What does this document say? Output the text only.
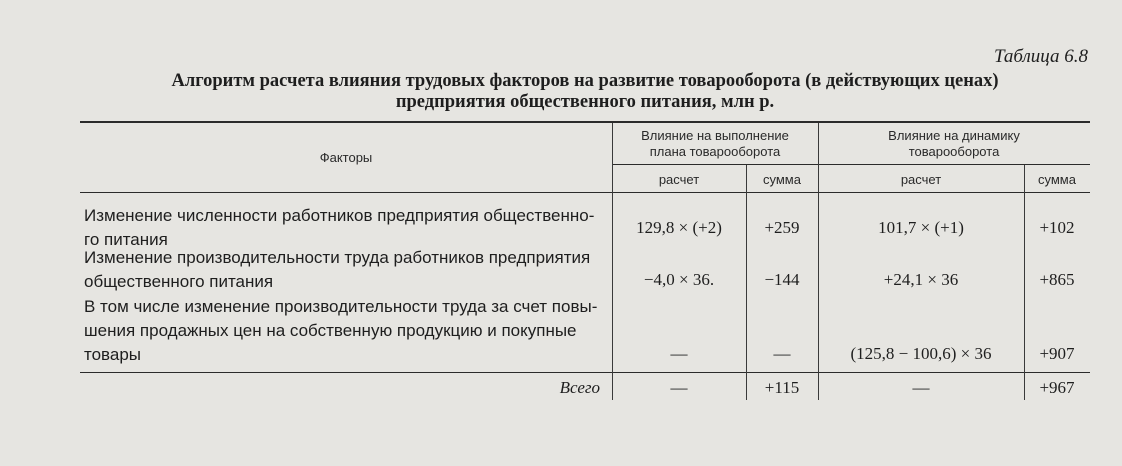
Таблица 6.8
Алгоритм расчета влияния трудовых факторов на развитие товарооборота (в действующих ценах)
предприятия общественного питания, млн р.
Факторы
Влияние на выполнение
плана товарооборота
Влияние на динамику
товарооборота
расчет	сумма	расчет	сумма
Изменение численности работников предприятия общественно-
го питания
129,8 × (+2)	+259	101,7 × (+1)	+102
Изменение производительности труда работников предприятия
общественного питания	−4,0 × 36.	−144	+24,1 × 36	+865
В том числе изменение производительности труда за счет повы-
шения продажных цен на собственную продукцию и покупные
товары	—	—	(125,8 − 100,6) × 36	+907
Всего	—	+115	—	+967
